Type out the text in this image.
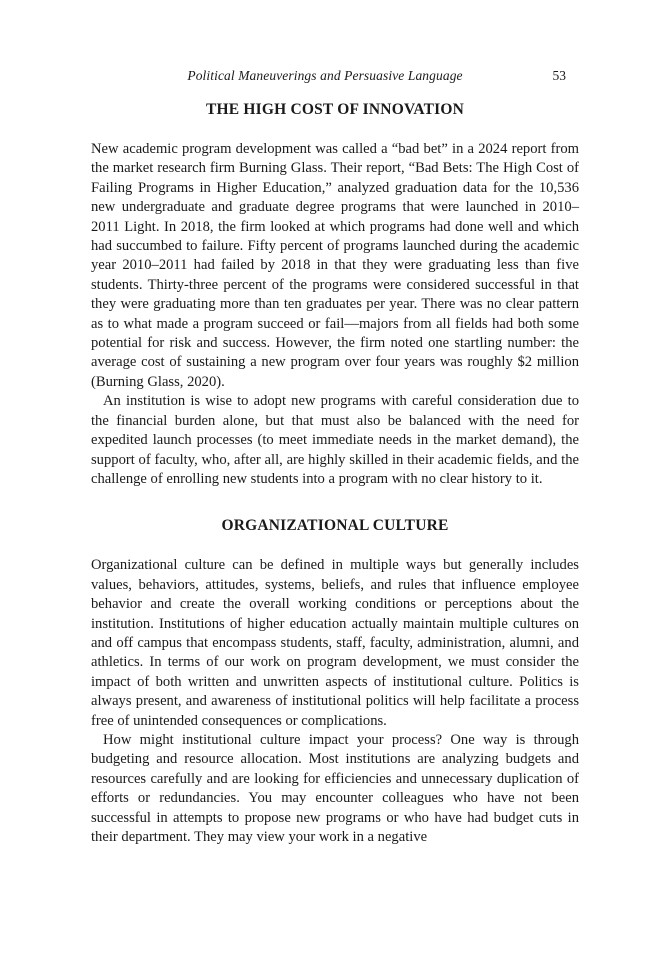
Political Maneuverings and Persuasive Language	53
THE HIGH COST OF INNOVATION

New academic program development was called a “bad bet” in a 2024 report from the market research firm Burning Glass. Their report, “Bad Bets: The High Cost of Failing Programs in Higher Education,” analyzed graduation data for the 10,536 new undergraduate and graduate degree programs that were launched in 2010–2011 Light. In 2018, the firm looked at which programs had done well and which had succumbed to failure. Fifty percent of programs launched during the academic year 2010–2011 had failed by 2018 in that they were graduating less than five students. Thirty-three percent of the programs were considered successful in that they were graduating more than ten graduates per year. There was no clear pattern as to what made a program succeed or fail—majors from all fields had both some potential for risk and success. However, the firm noted one startling number: the average cost of sustaining a new program over four years was roughly $2 million (Burning Glass, 2020).

An institution is wise to adopt new programs with careful consideration due to the financial burden alone, but that must also be balanced with the need for expedited launch processes (to meet immediate needs in the market demand), the support of faculty, who, after all, are highly skilled in their academic fields, and the challenge of enrolling new students into a program with no clear history to it.

ORGANIZATIONAL CULTURE

Organizational culture can be defined in multiple ways but generally includes values, behaviors, attitudes, systems, beliefs, and rules that influence employee behavior and create the overall working conditions or perceptions about the institution. Institutions of higher education actually maintain multiple cultures on and off campus that encompass students, staff, faculty, administration, alumni, and athletics. In terms of our work on program development, we must consider the impact of both written and unwritten aspects of institutional culture. Politics is always present, and awareness of institutional politics will help facilitate a process free of unintended consequences or complications.

How might institutional culture impact your process? One way is through budgeting and resource allocation. Most institutions are analyzing budgets and resources carefully and are looking for efficiencies and unnecessary duplication of efforts or redundancies. You may encounter colleagues who have not been successful in attempts to propose new programs or who have had budget cuts in their department. They may view your work in a negative
